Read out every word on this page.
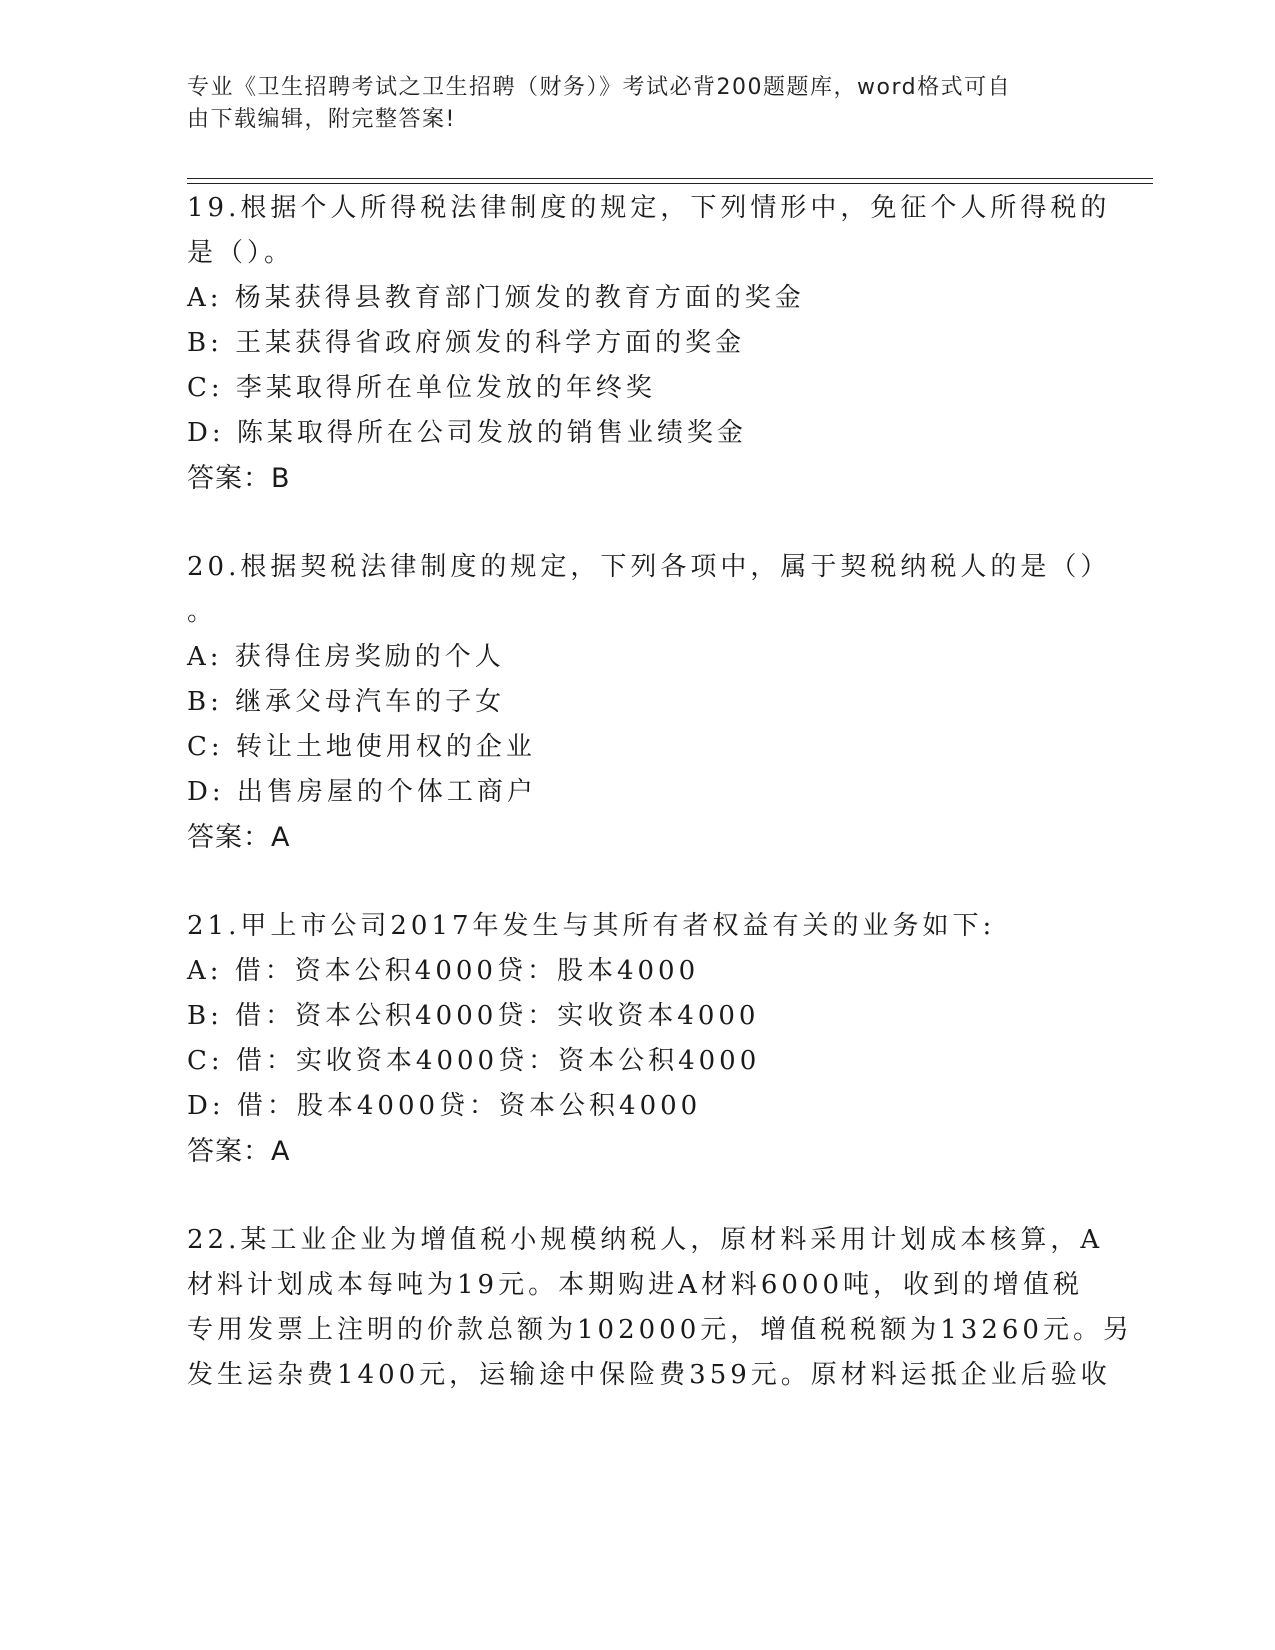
专业《卫生招聘考试之卫生招聘（财务）》考试必背200题题库，word格式可自
由下载编辑，附完整答案!
19.根据个人所得税法律制度的规定，下列情形中，免征个人所得税的
是（）。
A: 杨某获得县教育部门颁发的教育方面的奖金
B: 王某获得省政府颁发的科学方面的奖金
C: 李某取得所在单位发放的年终奖
D: 陈某取得所在公司发放的销售业绩奖金
答案：B
20.根据契税法律制度的规定，下列各项中，属于契税纳税人的是（）
。
A: 获得住房奖励的个人
B: 继承父母汽车的子女
C: 转让土地使用权的企业
D: 出售房屋的个体工商户
答案：A
21.甲上市公司2017年发生与其所有者权益有关的业务如下:
A: 借：资本公积4000贷：股本4000
B: 借：资本公积4000贷：实收资本4000
C: 借：实收资本4000贷：资本公积4000
D: 借：股本4000贷：资本公积4000
答案：A
22.某工业企业为增值税小规模纳税人，原材料采用计划成本核算，A
材料计划成本每吨为19元。本期购进A材料6000吨，收到的增值税
专用发票上注明的价款总额为102000元，增值税税额为13260元。另
发生运杂费1400元，运输途中保险费359元。原材料运抵企业后验收
